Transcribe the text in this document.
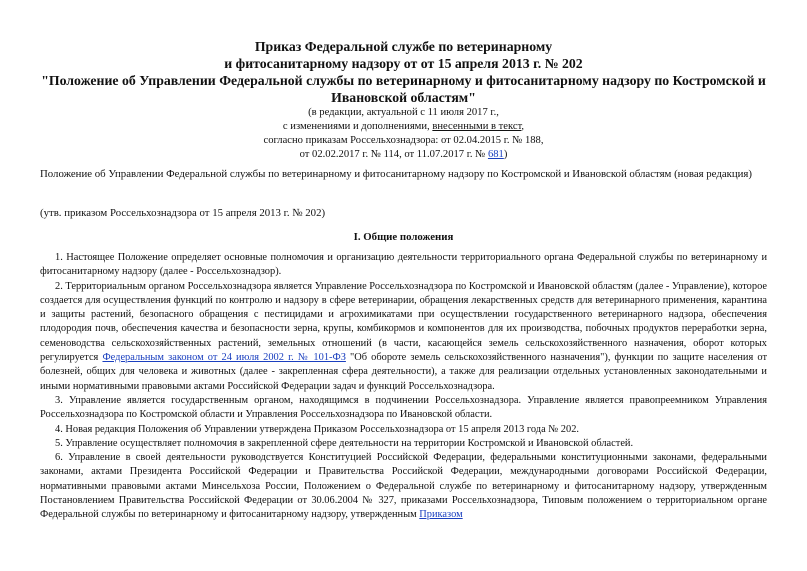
Приказ Федеральной службе по ветеринарному
и фитосанитарному надзору от от 15 апреля 2013 г. № 202
"Положение об Управлении Федеральной службы по ветеринарному и фитосанитарному надзору по Костромской и
Ивановской областям"
(в редакции, актуальной с 11 июля 2017 г.,
с изменениями и дополнениями, внесенными в текст,
согласно приказам Россельхознадзора: от 02.04.2015 г. № 188,
от 02.02.2017 г. № 114, от 11.07.2017 г. № 681)
Положение об Управлении Федеральной службы по ветеринарному и фитосанитарному надзору по Костромской и Ивановской областям (новая редакция)
(утв. приказом Россельхознадзора от 15 апреля 2013 г. № 202)
I. Общие положения

1. Настоящее Положение определяет основные полномочия и организацию деятельности территориального органа Федеральной службы по ветеринарному и фитосанитарному надзору (далее - Россельхознадзор).

2. Территориальным органом Россельхознадзора является Управление Россельхознадзора по Костромской и Ивановской областям (далее - Управление), которое создается для осуществления функций по контролю и надзору в сфере ветеринарии, обращения лекарственных средств для ветеринарного применения, карантина и защиты растений, безопасного обращения с пестицидами и агрохимикатами при осуществлении государственного ветеринарного надзора, обеспечения плодородия почв, обеспечения качества и безопасности зерна, крупы, комбикормов и компонентов для их производства, побочных продуктов переработки зерна, семеноводства сельскохозяйственных растений, земельных отношений (в части, касающейся земель сельскохозяйственного назначения, оборот которых регулируется Федеральным законом от 24 июля 2002 г. № 101-ФЗ "Об обороте земель сельскохозяйственного назначения"), функции по защите населения от болезней, общих для человека и животных (далее - закрепленная сфера деятельности), а также для реализации отдельных установленных законодательными и иными нормативными правовыми актами Российской Федерации задач и функций Россельхознадзора.

3. Управление является государственным органом, находящимся в подчинении Россельхознадзора. Управление является правопреемником Управления Россельхознадзора по Костромской области и Управления Россельхознадзора по Ивановской области.

4. Новая редакция Положения об Управлении утверждена Приказом Россельхознадзора от 15 апреля 2013 года № 202.

5. Управление осуществляет полномочия в закрепленной сфере деятельности на территории Костромской и Ивановской областей.

6. Управление в своей деятельности руководствуется Конституцией Российской Федерации, федеральными конституционными законами, федеральными законами, актами Президента Российской Федерации и Правительства Российской Федерации, международными договорами Российской Федерации, нормативными правовыми актами Минсельхоза России, Положением о Федеральной службе по ветеринарному и фитосанитарному надзору, утвержденным Постановлением Правительства Российской Федерации от 30.06.2004 № 327, приказами Россельхознадзора, Типовым положением о территориальном органе Федеральной службы по ветеринарному и фитосанитарному надзору, утвержденным Приказом
